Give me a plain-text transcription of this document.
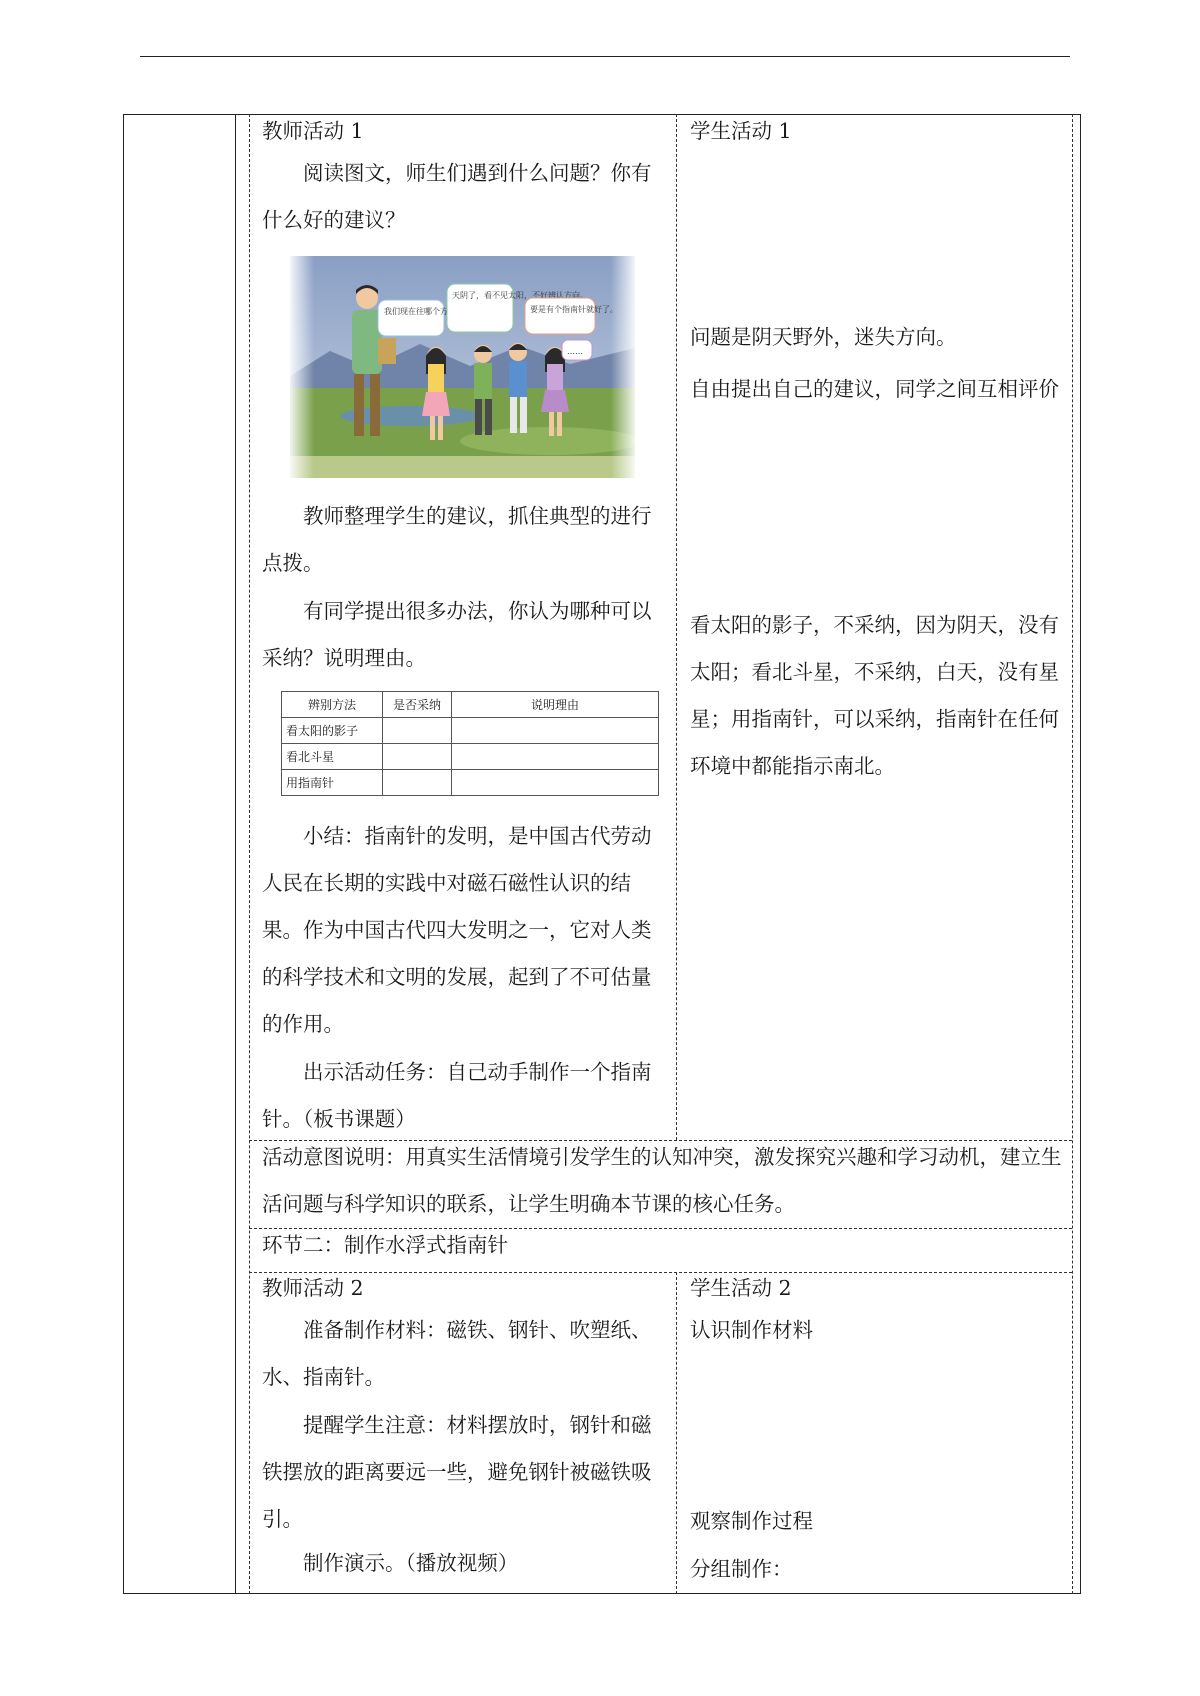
教师活动 1
阅读图文，师生们遇到什么问题？你有什么好的建议？
教师整理学生的建议，抓住典型的进行点拨。
有同学提出很多办法，你认为哪种可以采纳？说明理由。
辨别方法	是否采纳	说明理由
看太阳的影子		
看北斗星		
用指南针		
小结：指南针的发明，是中国古代劳动人民在长期的实践中对磁石磁性认识的结果。作为中国古代四大发明之一，它对人类的科学技术和文明的发展，起到了不可估量的作用。
出示活动任务：自己动手制作一个指南针。（板书课题）
学生活动 1
问题是阴天野外，迷失方向。
自由提出自己的建议，同学之间互相评价
看太阳的影子，不采纳，因为阴天，没有太阳；看北斗星，不采纳，白天，没有星星；用指南针，可以采纳，指南针在任何环境中都能指示南北。
活动意图说明：用真实生活情境引发学生的认知冲突，激发探究兴趣和学习动机，建立生活问题与科学知识的联系，让学生明确本节课的核心任务。
环节二：制作水浮式指南针
教师活动 2
准备制作材料：磁铁、钢针、吹塑纸、水、指南针。
提醒学生注意：材料摆放时，钢针和磁铁摆放的距离要远一些，避免钢针被磁铁吸引。
制作演示。（播放视频）
学生活动 2
认识制作材料
观察制作过程
分组制作：
